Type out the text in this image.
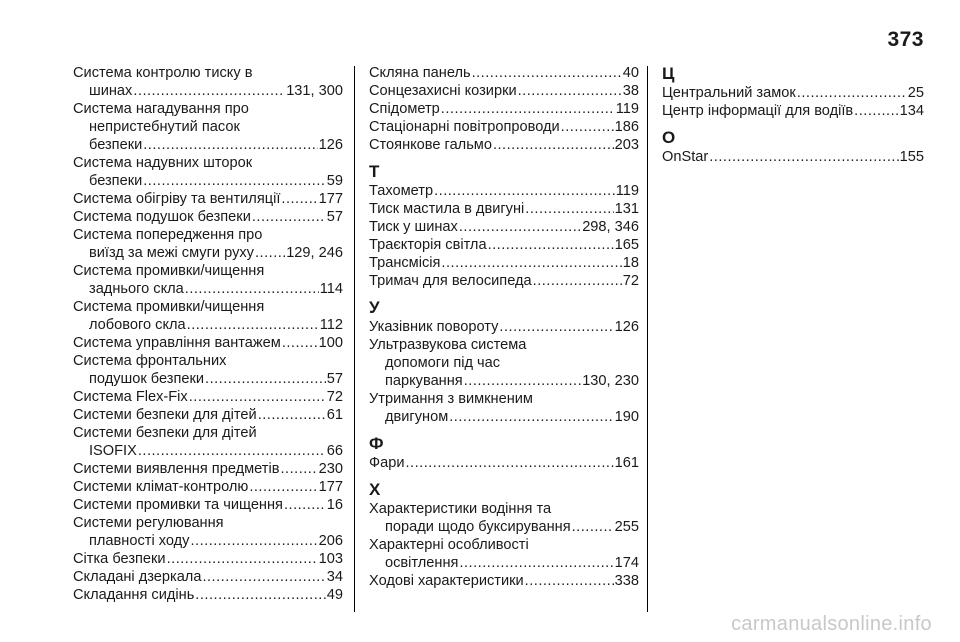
373
Система контролю тиску в
шинах .....	131, 300
Система нагадування про
непристебнутий пасок
безпеки .....	126
Система надувних шторок
безпеки .....	59
Система обігріву та вентиляції .....	177
Система подушок безпеки .....	57
Система попередження про
виїзд за межі смуги руху ..... 129, 246
Система промивки/чищення
заднього скла .....	114
Система промивки/чищення
лобового скла .....	112
Система управління вантажем .....	100
Система фронтальних
подушок безпеки .....	57
Система Flex-Fix .....	72
Системи безпеки для дітей .....	61
Системи безпеки для дітей
ISOFIX .....	66
Системи виявлення предметів .....	230
Системи клімат-контролю .....	177
Системи промивки та чищення .....	16
Системи регулювання
плавності ходу .....	206
Сітка безпеки .....	103
Складані дзеркала .....	34
Складання сидінь .....	49
Скляна панель .....	40
Сонцезахисні козирки .....	38
Спідометр .....	119
Стаціонарні повітропроводи .....	186
Стоянкове гальмо .....	203
Т
Тахометр .....	119
Тиск мастила в двигуні .....	131
Тиск у шинах .....	298, 346
Траєкторія світла .....	165
Трансмісія .....	18
Тримач для велосипеда .....	72
У
Указівник повороту .....	126
Ультразвукова система
допомоги під час
паркування .....	130, 230
Утримання з вимкненим
двигуном .....	190
Ф
Фари .....	161
Х
Характеристики водіння та
поради щодо буксирування .....	255
Характерні особливості
освітлення .....	174
Ходові характеристики .....	338
Ц
Центральний замок .....	25
Центр інформації для водіїв .....	134
O
OnStar .....	155
carmanualsonline.info
